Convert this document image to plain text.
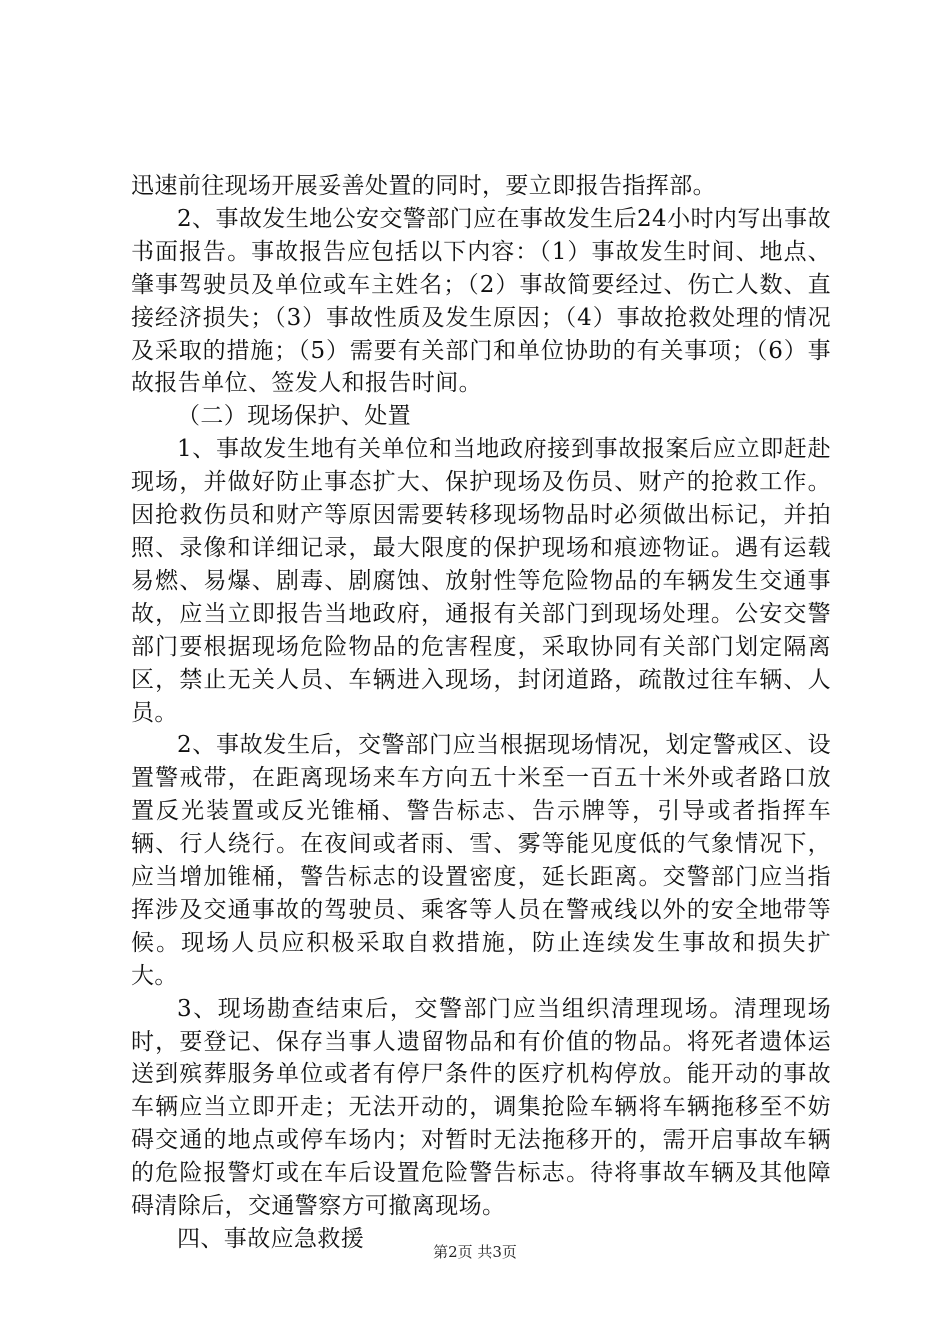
迅速前往现场开展妥善处置的同时，要立即报告指挥部。

2、事故发生地公安交警部门应在事故发生后24小时内写出事故书面报告。事故报告应包括以下内容：（1）事故发生时间、地点、肇事驾驶员及单位或车主姓名；（2）事故简要经过、伤亡人数、直接经济损失；（3）事故性质及发生原因；（4）事故抢救处理的情况及采取的措施；（5）需要有关部门和单位协助的有关事项；（6）事故报告单位、签发人和报告时间。

（二）现场保护、处置

1、事故发生地有关单位和当地政府接到事故报案后应立即赶赴现场，并做好防止事态扩大、保护现场及伤员、财产的抢救工作。因抢救伤员和财产等原因需要转移现场物品时必须做出标记，并拍照、录像和详细记录，最大限度的保护现场和痕迹物证。遇有运载易燃、易爆、剧毒、剧腐蚀、放射性等危险物品的车辆发生交通事故，应当立即报告当地政府，通报有关部门到现场处理。公安交警部门要根据现场危险物品的危害程度，采取协同有关部门划定隔离区，禁止无关人员、车辆进入现场，封闭道路，疏散过往车辆、人员。

2、事故发生后，交警部门应当根据现场情况，划定警戒区、设置警戒带，在距离现场来车方向五十米至一百五十米外或者路口放置反光装置或反光锥桶、警告标志、告示牌等，引导或者指挥车辆、行人绕行。在夜间或者雨、雪、雾等能见度低的气象情况下，应当增加锥桶，警告标志的设置密度，延长距离。交警部门应当指挥涉及交通事故的驾驶员、乘客等人员在警戒线以外的安全地带等候。现场人员应积极采取自救措施，防止连续发生事故和损失扩大。

3、现场勘查结束后，交警部门应当组织清理现场。清理现场时，要登记、保存当事人遗留物品和有价值的物品。将死者遗体运送到殡葬服务单位或者有停尸条件的医疗机构停放。能开动的事故车辆应当立即开走；无法开动的，调集抢险车辆将车辆拖移至不妨碍交通的地点或停车场内；对暂时无法拖移开的，需开启事故车辆的危险报警灯或在车后设置危险警告标志。待将事故车辆及其他障碍清除后，交通警察方可撤离现场。

四、事故应急救援	第2页 共3页
